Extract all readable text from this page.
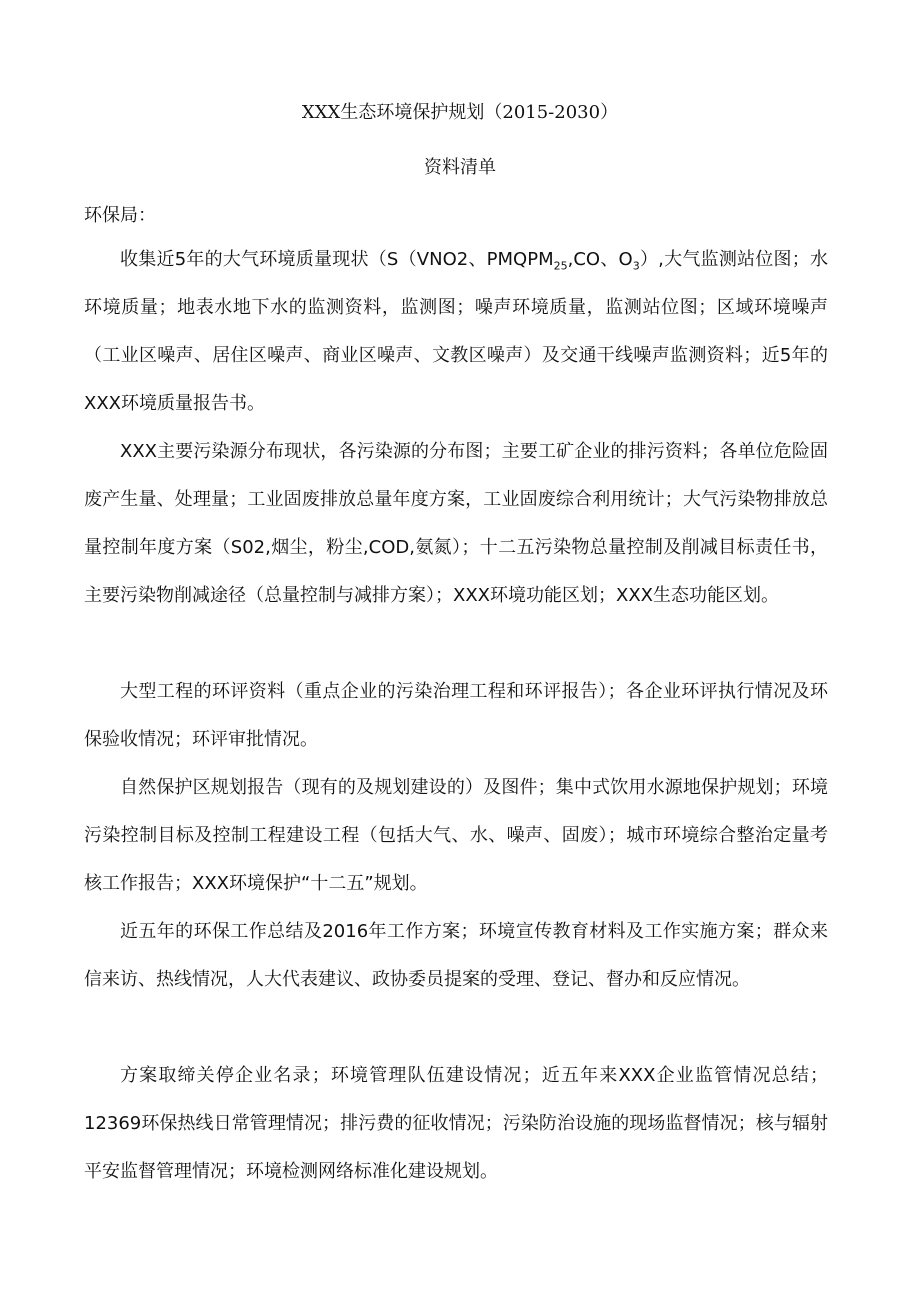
XXX生态环境保护规划（2015-2030）
资料清单

环保局：

收集近5年的大气环境质量现状（S（VNO2、$PMQPM_{25},CO$、$O_3$）,大气监测站位图；水环境质量；地表水地下水的监测资料，监测图；噪声环境质量，监测站位图；区域环境噪声（工业区噪声、居住区噪声、商业区噪声、文教区噪声）及交通干线噪声监测资料；近5年的XXX环境质量报告书。

XXX主要污染源分布现状，各污染源的分布图；主要工矿企业的排污资料；各单位危险固废产生量、处理量；工业固废排放总量年度方案，工业固废综合利用统计；大气污染物排放总量控制年度方案（S02,烟尘，粉尘,COD,氨氮）；十二五污染物总量控制及削减目标责任书，主要污染物削减途径（总量控制与减排方案）；XXX环境功能区划；XXX生态功能区划。

大型工程的环评资料（重点企业的污染治理工程和环评报告）；各企业环评执行情况及环保验收情况；环评审批情况。

自然保护区规划报告（现有的及规划建设的）及图件；集中式饮用水源地保护规划；环境污染控制目标及控制工程建设工程（包括大气、水、噪声、固废）；城市环境综合整治定量考核工作报告；XXX环境保护“十二五”规划。

近五年的环保工作总结及2016年工作方案；环境宣传教育材料及工作实施方案；群众来信来访、热线情况，人大代表建议、政协委员提案的受理、登记、督办和反应情况。

方案取缔关停企业名录；环境管理队伍建设情况；近五年来XXX企业监管情况总结；12369环保热线日常管理情况；排污费的征收情况；污染防治设施的现场监督情况；核与辐射平安监督管理情况；环境检测网络标准化建设规划。
